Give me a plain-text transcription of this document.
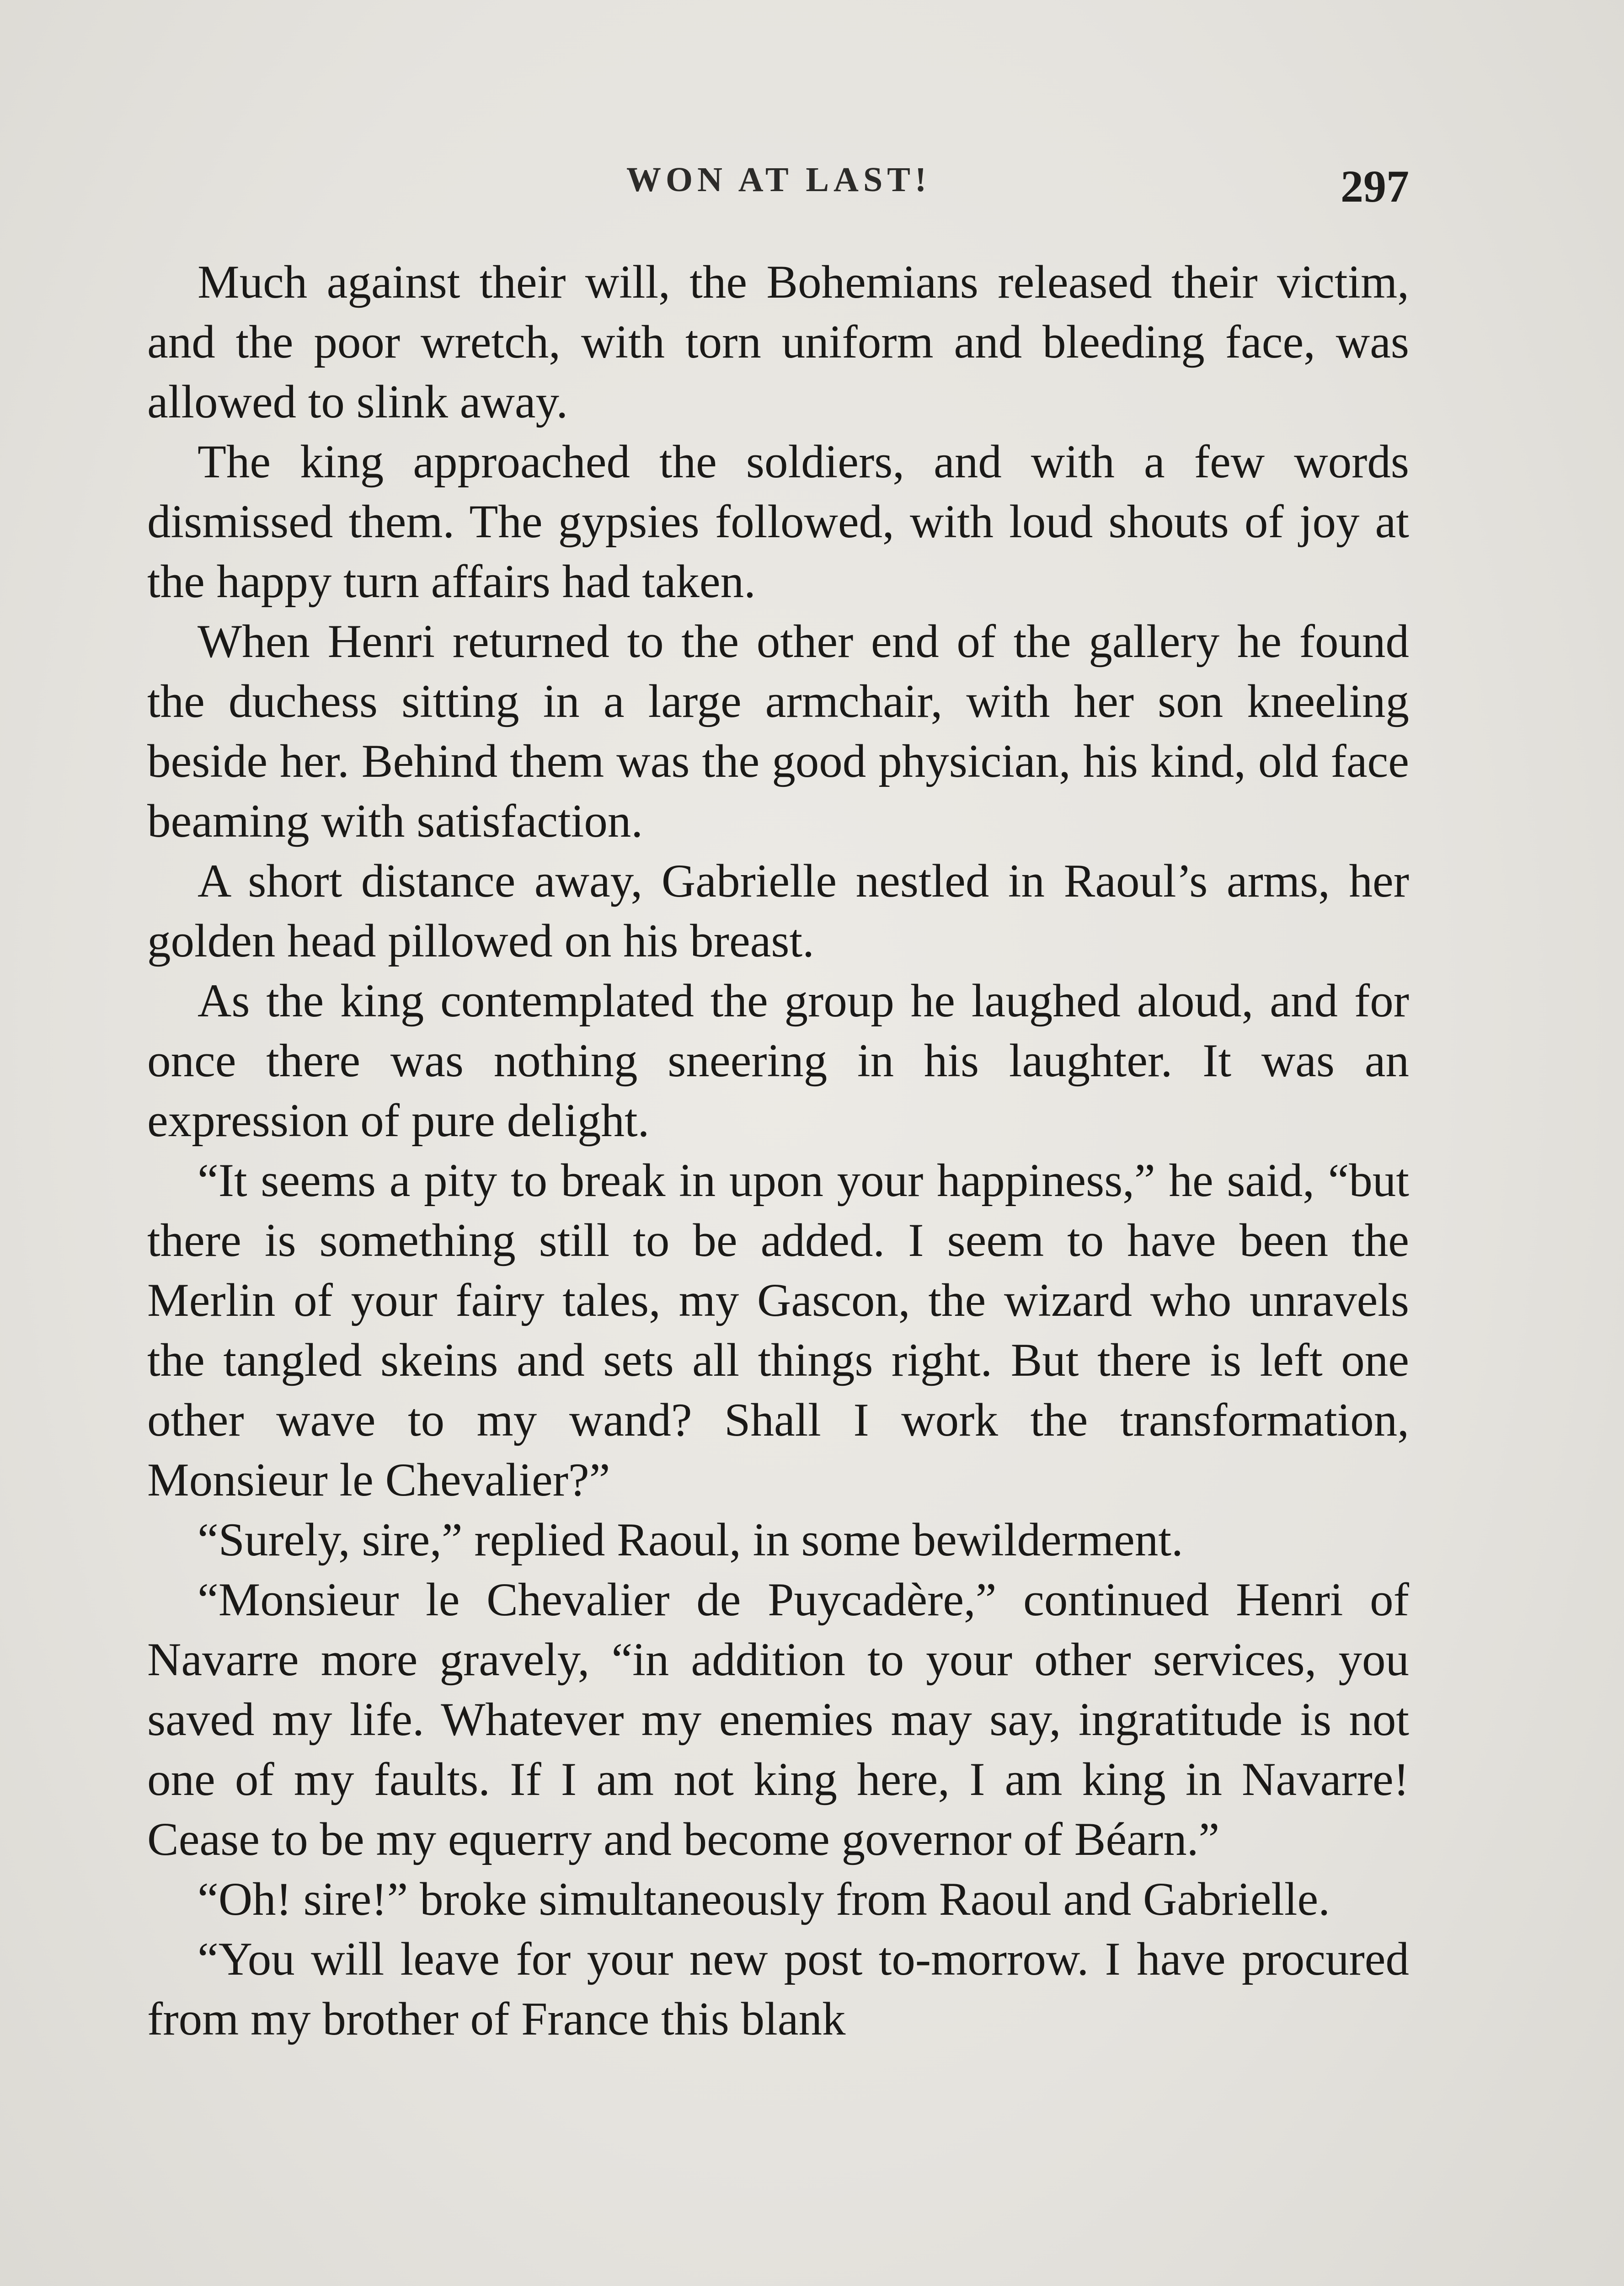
WON AT LAST!	297

Much against their will, the Bohemians released their victim, and the poor wretch, with torn uniform and bleeding face, was allowed to slink away.

The king approached the soldiers, and with a few words dismissed them. The gypsies followed, with loud shouts of joy at the happy turn affairs had taken.

When Henri returned to the other end of the gallery he found the duchess sitting in a large armchair, with her son kneeling beside her. Behind them was the good physician, his kind, old face beaming with satisfaction.

A short distance away, Gabrielle nestled in Raoul’s arms, her golden head pillowed on his breast.

As the king contemplated the group he laughed aloud, and for once there was nothing sneering in his laughter. It was an expression of pure delight.

“It seems a pity to break in upon your happiness,” he said, “but there is something still to be added. I seem to have been the Merlin of your fairy tales, my Gascon, the wizard who unravels the tangled skeins and sets all things right. But there is left one other wave to my wand? Shall I work the transformation, Monsieur le Chevalier?”

“Surely, sire,” replied Raoul, in some bewilderment.

“Monsieur le Chevalier de Puycadère,” continued Henri of Navarre more gravely, “in addition to your other services, you saved my life. Whatever my enemies may say, ingratitude is not one of my faults. If I am not king here, I am king in Navarre! Cease to be my equerry and become governor of Béarn.”

“Oh! sire!” broke simultaneously from Raoul and Gabrielle.

“You will leave for your new post to-morrow. I have procured from my brother of France this blank
